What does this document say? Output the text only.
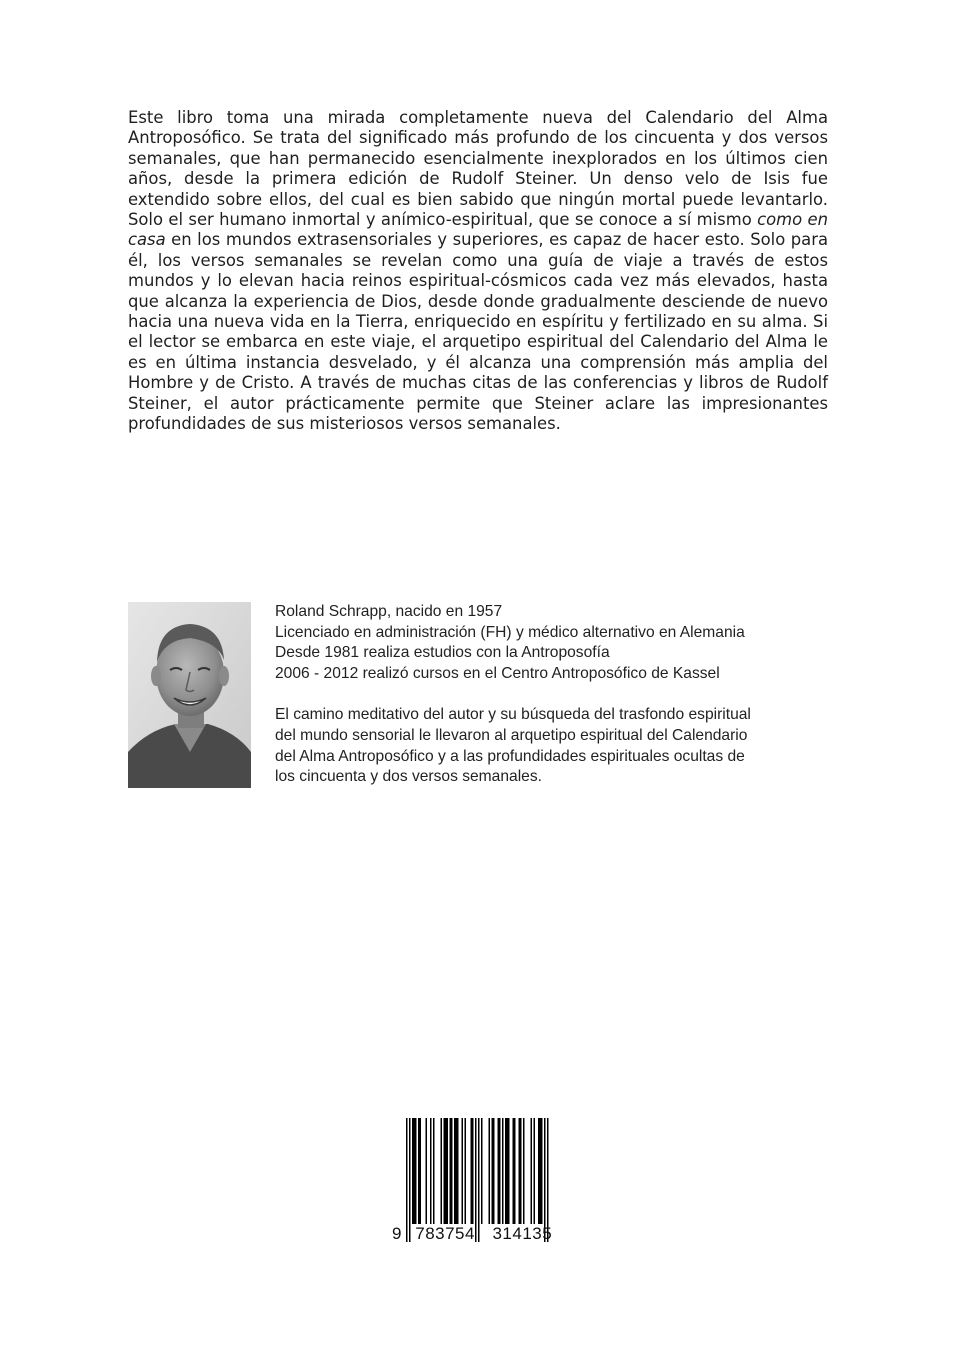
Este libro toma una mirada completamente nueva del Calendario del Alma Antroposófico. Se trata del significado más profundo de los cincuenta y dos versos semanales, que han permanecido esencialmente inexplorados en los últimos cien años, desde la primera edición de Rudolf Steiner. Un denso velo de Isis fue extendido sobre ellos, del cual es bien sabido que ningún mortal puede levantarlo. Solo el ser humano inmortal y anímico-espiritual, que se conoce a sí mismo como en casa en los mundos extrasensoriales y superiores, es capaz de hacer esto. Solo para él, los versos semanales se revelan como una guía de viaje a través de estos mundos y lo elevan hacia reinos espiritual-cósmicos cada vez más elevados, hasta que alcanza la experiencia de Dios, desde donde gradualmente desciende de nuevo hacia una nueva vida en la Tierra, enriquecido en espíritu y fertilizado en su alma. Si el lector se embarca en este viaje, el arquetipo espiritual del Calendario del Alma le es en última instancia desvelado, y él alcanza una comprensión más amplia del Hombre y de Cristo. A través de muchas citas de las conferencias y libros de Rudolf Steiner, el autor prácticamente permite que Steiner aclare las impresionantes profundidades de sus misteriosos versos semanales.

Roland Schrapp, nacido en 1957
Licenciado en administración (FH) y médico alternativo en Alemania
Desde 1981 realiza estudios con la Antroposofía
2006 - 2012 realizó cursos en el Centro Antroposófico de Kassel
El camino meditativo del autor y su búsqueda del trasfondo espiritual
del mundo sensorial le llevaron al arquetipo espiritual del Calendario
del Alma Antroposófico y a las profundidades espirituales ocultas de
los cincuenta y dos versos semanales.
9 783754 314135
